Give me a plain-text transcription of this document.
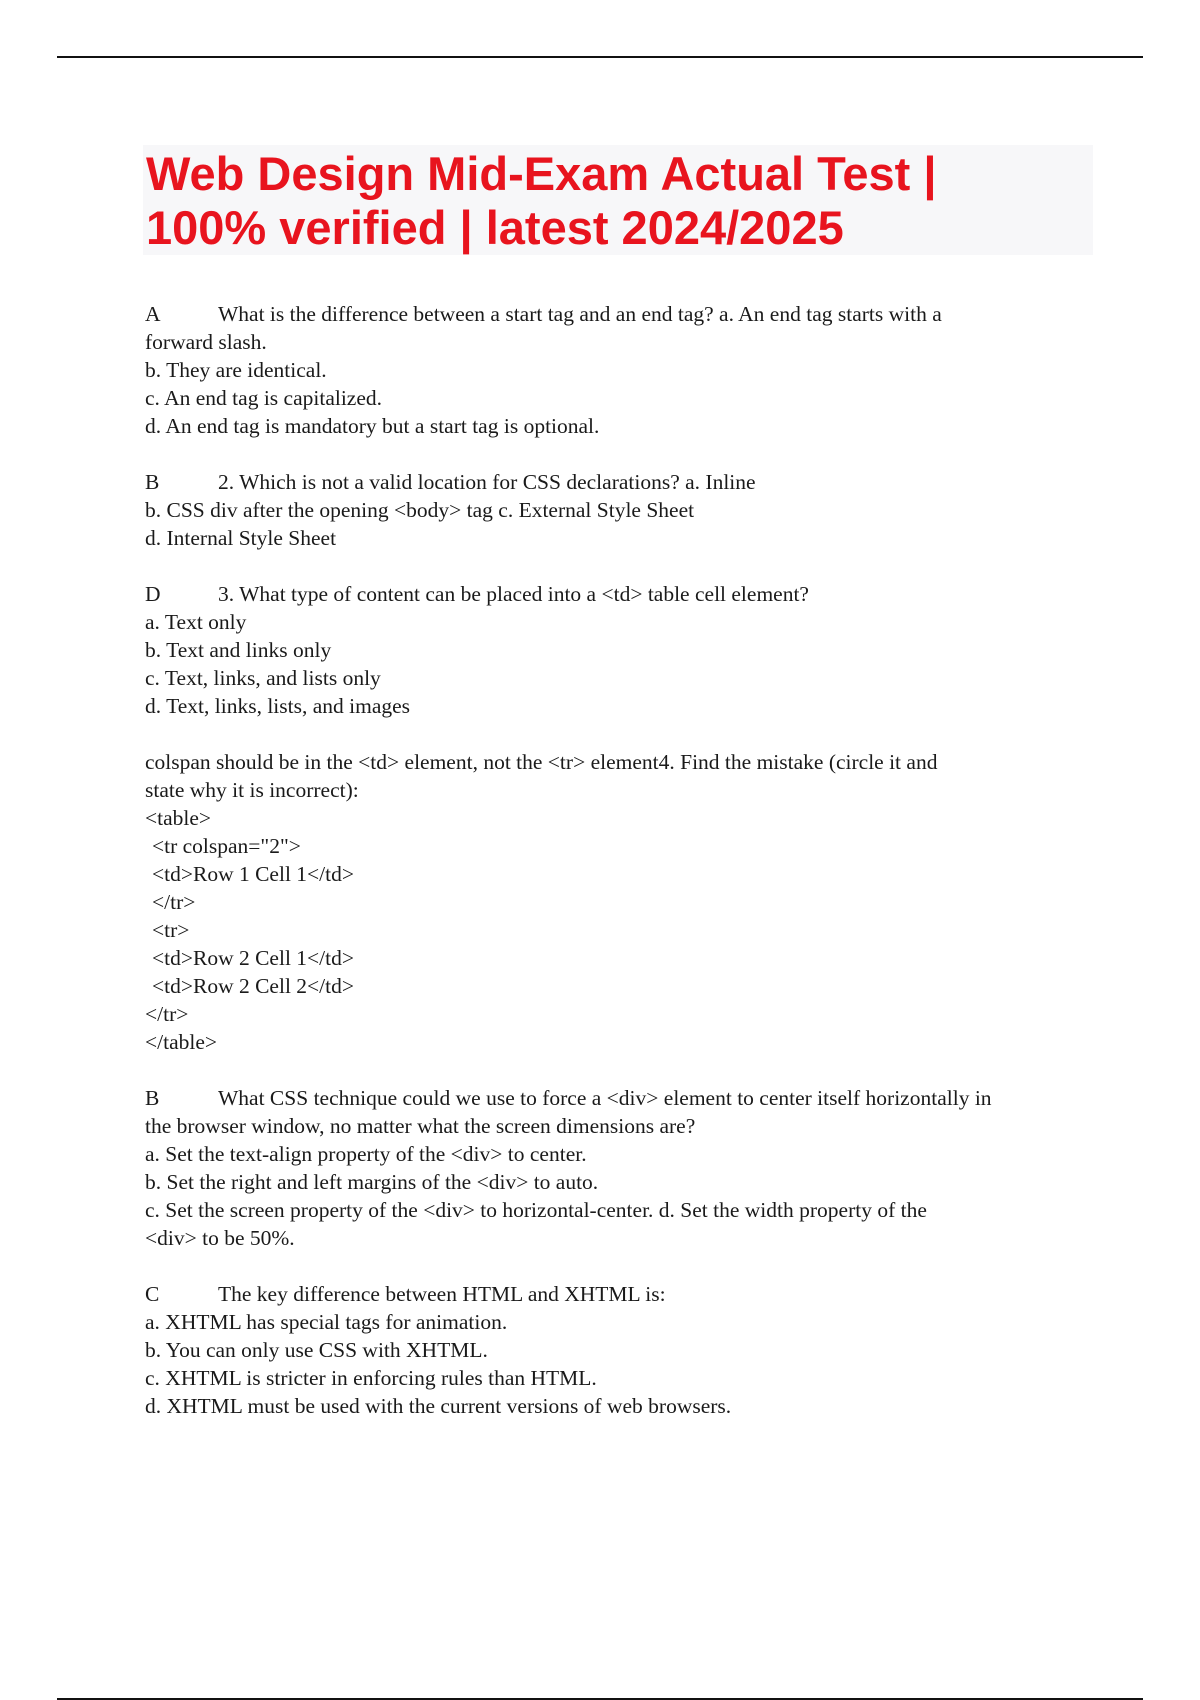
Web Design Mid-Exam Actual Test |
100% verified | latest 2024/2025
A	What is the difference between a start tag and an end tag? a. An end tag starts with a
forward slash.
b. They are identical.
c. An end tag is capitalized.
d. An end tag is mandatory but a start tag is optional.
B	2. Which is not a valid location for CSS declarations? a. Inline
b. CSS div after the opening <body> tag c. External Style Sheet
d. Internal Style Sheet
D	3. What type of content can be placed into a <td> table cell element?
a. Text only
b. Text and links only
c. Text, links, and lists only
d. Text, links, lists, and images
colspan should be in the <td> element, not the <tr> element4. Find the mistake (circle it and
state why it is incorrect):
<table>
<tr colspan="2">
<td>Row 1 Cell 1</td>
</tr>
<tr>
<td>Row 2 Cell 1</td>
<td>Row 2 Cell 2</td>
</tr>
</table>
B	What CSS technique could we use to force a <div> element to center itself horizontally in
the browser window, no matter what the screen dimensions are?
a. Set the text-align property of the <div> to center.
b. Set the right and left margins of the <div> to auto.
c. Set the screen property of the <div> to horizontal-center. d. Set the width property of the
<div> to be 50%.
C	The key difference between HTML and XHTML is:
a. XHTML has special tags for animation.
b. You can only use CSS with XHTML.
c. XHTML is stricter in enforcing rules than HTML.
d. XHTML must be used with the current versions of web browsers.
